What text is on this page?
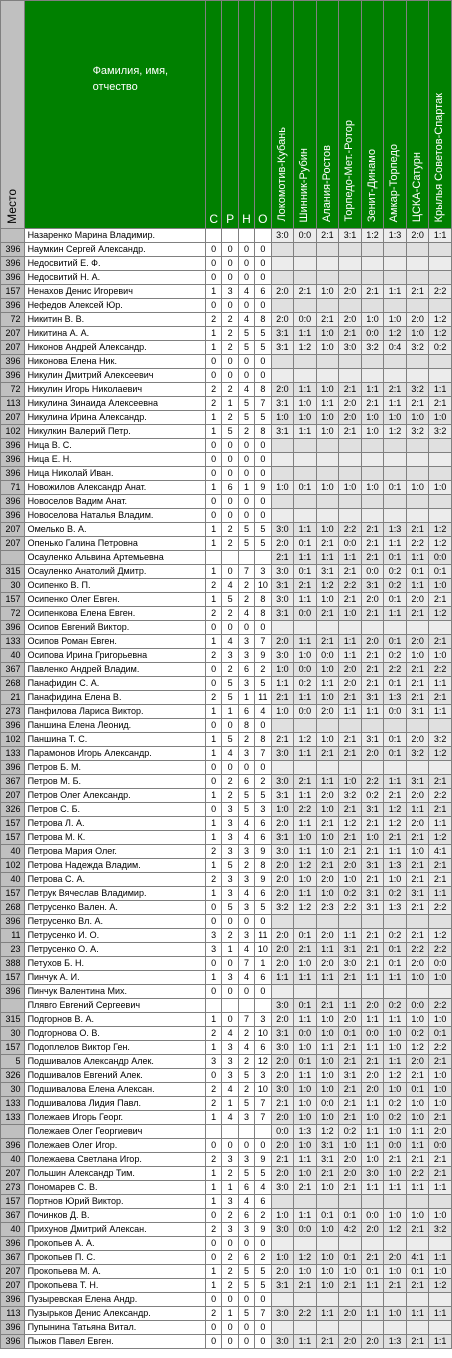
Место	Фамилия, имя, отчество	С	Р	Н	О	Локомотив-Кубань	Шинник-Рубин	Алания-Ростов	Торпедо-Мет.-Ротор	Зенит-Динамо	Амкар-Торпедо	ЦСКА-Сатурн	Крылья Советов-Спартак
	Назаренко Марина Владимир.					3:0	0:0	2:1	3:1	1:2	1:3	2:0	1:1
396	Наумкин Сергей Александр.	0	0	0	0								
396	Недосвитий Е. Ф.	0	0	0	0								
396	Недосвитий Н. А.	0	0	0	0								
157	Ненахов Денис Игоревич	1	3	4	6	2:0	2:1	1:0	2:0	2:1	1:1	2:1	2:2
396	Нефедов Алексей Юр.	0	0	0	0								
72	Никитин В. В.	2	2	4	8	2:0	0:0	2:1	2:0	1:0	1:0	2:0	1:2
207	Никитина А. А.	1	2	5	5	3:1	1:1	1:0	2:1	0:0	1:2	1:0	1:2
207	Никонов Андрей Александр.	1	2	5	5	3:1	1:2	1:0	3:0	3:2	0:4	3:2	0:2
396	Никонова Елена Ник.	0	0	0	0								
396	Никулин Дмитрий Алексеевич	0	0	0	0								
72	Никулин Игорь Николаевич	2	2	4	8	2:0	1:1	1:0	2:1	1:1	2:1	3:2	1:1
113	Никулина Зинаида Алексеевна	2	1	5	7	3:1	1:0	1:1	2:0	2:1	1:1	2:1	2:1
207	Никулина Ирина Александр.	1	2	5	5	1:0	1:0	1:0	2:0	1:0	1:0	1:0	1:0
102	Никулкин Валерий Петр.	1	5	2	8	3:1	1:1	1:0	2:1	1:0	1:2	3:2	3:2
396	Ница В. С.	0	0	0	0								
396	Ница Е. Н.	0	0	0	0								
396	Ница Николай Иван.	0	0	0	0								
71	Новожилов Александр Анат.	1	6	1	9	1:0	0:1	1:0	1:0	1:0	0:1	1:0	1:0
396	Новоселов Вадим Анат.	0	0	0	0								
396	Новоселова Наталья Владим.	0	0	0	0								
207	Омелько В. А.	1	2	5	5	3:0	1:1	1:0	2:2	2:1	1:3	2:1	1:2
207	Опенько Галина Петровна	1	2	5	5	2:0	0:1	2:1	0:0	2:1	1:1	2:2	1:2
	Осауленко Альвина Артемьевна					2:1	1:1	1:1	1:1	2:1	0:1	1:1	0:0
315	Осауленко Анатолий Дмитр.	1	0	7	3	3:0	0:1	3:1	2:1	0:0	0:2	0:1	0:1
30	Осипенко В. П.	2	4	2	10	3:1	2:1	1:2	2:2	3:1	0:2	1:1	1:0
157	Осипенко Олег Евген.	1	5	2	8	3:0	1:1	1:0	2:1	2:0	0:1	2:0	2:1
72	Осипенкова Елена Евген.	2	2	4	8	3:1	0:0	2:1	1:0	2:1	1:1	2:1	1:2
396	Осипов Евгений Виктор.	0	0	0	0								
133	Осипов Роман Евген.	1	4	3	7	2:0	1:1	2:1	1:1	2:0	0:1	2:0	2:1
40	Осипова Ирина Григорьевна	2	3	3	9	3:0	1:0	0:0	1:1	2:1	0:2	1:0	1:0
367	Павленко Андрей Владим.	0	2	6	2	1:0	0:0	1:0	2:0	2:1	2:2	2:1	2:2
268	Панафидин С. А.	0	5	3	5	1:1	0:2	1:1	2:0	2:1	0:1	2:1	1:1
21	Панафидина Елена В.	2	5	1	11	2:1	1:1	1:0	2:1	3:1	1:3	2:1	2:1
273	Панфилова Лариса Виктор.	1	1	6	4	1:0	0:0	2:0	1:1	1:1	0:0	3:1	1:1
396	Паншина Елена Леонид.	0	0	8	0								
102	Паншина Т. С.	1	5	2	8	2:1	1:2	1:0	2:1	3:1	0:1	2:0	3:2
133	Парамонов Игорь Александр.	1	4	3	7	3:0	1:1	2:1	2:1	2:0	0:1	3:2	1:2
396	Петров Б. М.	0	0	0	0								
367	Петров М. Б.	0	2	6	2	3:0	2:1	1:1	1:0	2:2	1:1	3:1	2:1
207	Петров Олег Александр.	1	2	5	5	3:1	1:1	2:0	3:2	0:2	2:1	2:0	2:2
326	Петров С. Б.	0	3	5	3	1:0	2:2	1:0	2:1	3:1	1:2	1:1	2:1
157	Петрова Л. А.	1	3	4	6	2:0	1:1	2:1	1:2	2:1	1:2	2:0	1:1
157	Петрова М. К.	1	3	4	6	3:1	1:0	1:0	2:1	1:0	2:1	2:1	1:2
40	Петрова Мария Олег.	2	3	3	9	3:0	1:1	1:0	2:1	2:1	1:1	1:0	4:1
102	Петрова Надежда Владим.	1	5	2	8	2:0	1:2	2:1	2:0	3:1	1:3	2:1	2:1
40	Петрова С. А.	2	3	3	9	2:0	1:0	2:0	1:0	2:1	1:0	2:1	2:1
157	Петрук Вячеслав Владимир.	1	3	4	6	2:0	1:1	1:0	0:2	3:1	0:2	3:1	1:1
268	Петрусенко Вален. А.	0	5	3	5	3:2	1:2	2:3	2:2	3:1	1:3	2:1	2:2
396	Петрусенко Вл. А.	0	0	0	0								
11	Петрусенко И. О.	3	2	3	11	2:0	0:1	2:0	1:1	2:1	0:2	2:1	1:2
23	Петрусенко О. А.	3	1	4	10	2:0	2:1	1:1	3:1	2:1	0:1	2:2	2:2
388	Петухов Б. Н.	0	0	7	1	2:0	1:0	2:0	3:0	2:1	0:1	2:0	0:0
157	Пинчук А. И.	1	3	4	6	1:1	1:1	1:1	2:1	1:1	1:1	1:0	1:0
396	Пинчук Валентина Мих.	0	0	0	0								
	Плявго Евгений Сергеевич					3:0	0:1	2:1	1:1	2:0	0:2	0:0	2:2
315	Подгорнов В. А.	1	0	7	3	2:0	1:1	1:0	2:0	1:1	1:1	1:0	1:0
30	Подгорнова О. В.	2	4	2	10	3:1	0:0	1:0	0:1	0:0	1:0	0:2	0:1
157	Подоплелов Виктор Ген.	1	3	4	6	3:0	1:0	1:1	2:1	1:1	1:0	1:2	2:2
5	Подшивалов Александр Алек.	3	3	2	12	2:0	0:1	1:0	2:1	2:1	1:1	2:0	2:1
326	Подшивалов Евгений Алек.	0	3	5	3	2:0	1:1	1:0	3:1	2:0	1:2	2:1	1:0
30	Подшивалова Елена Алексан.	2	4	2	10	3:0	1:0	1:0	2:1	2:0	1:0	0:1	1:0
133	Подшивалова Лидия Павл.	2	1	5	7	2:1	1:0	0:0	2:1	1:1	0:2	1:0	1:0
133	Полежаев Игорь Георг.	1	4	3	7	2:0	1:0	1:0	2:1	1:0	0:2	1:0	2:1
	Полежаев Олег Георгиевич					0:0	1:3	1:2	0:2	1:1	1:0	1:1	2:0
396	Полежаев Олег Игор.	0	0	0	0	2:0	1:0	3:1	1:0	1:1	0:0	1:1	0:0
40	Полежаева Светлана Игор.	2	3	3	9	2:1	1:1	3:1	2:0	1:0	2:1	2:1	2:1
207	Польшин Александр Тим.	1	2	5	5	2:0	1:0	2:1	2:0	3:0	1:0	2:2	2:1
273	Пономарев С. В.	1	1	6	4	3:0	2:1	1:0	2:1	1:1	1:1	1:1	1:1
157	Портнов Юрий Виктор.	1	3	4	6								
367	Починков Д. В.	0	2	6	2	1:0	1:1	0:1	0:1	0:0	1:0	1:0	1:0
40	Прихунов Дмитрий Алексан.	2	3	3	9	3:0	0:0	1:0	4:2	2:0	1:2	2:1	3:2
396	Прокопьев А. А.	0	0	0	0								
367	Прокопьев П. С.	0	2	6	2	1:0	1:2	1:0	0:1	2:1	2:0	4:1	1:1
207	Прокопьева М. А.	1	2	5	5	2:0	1:0	1:0	1:0	0:1	1:0	0:1	1:0
207	Прокопьева Т. Н.	1	2	5	5	3:1	2:1	1:0	2:1	1:1	2:1	2:1	1:2
396	Пузыревская Елена Андр.	0	0	0	0								
113	Пузырьков Денис Александр.	2	1	5	7	3:0	2:2	1:1	2:0	1:1	1:0	1:1	1:1
396	Пупынина Татьяна Витал.	0	0	0	0								
396	Пыжов Павел Евген.	0	0	0	0	3:0	1:1	2:1	2:0	2:0	1:3	2:1	1:1
